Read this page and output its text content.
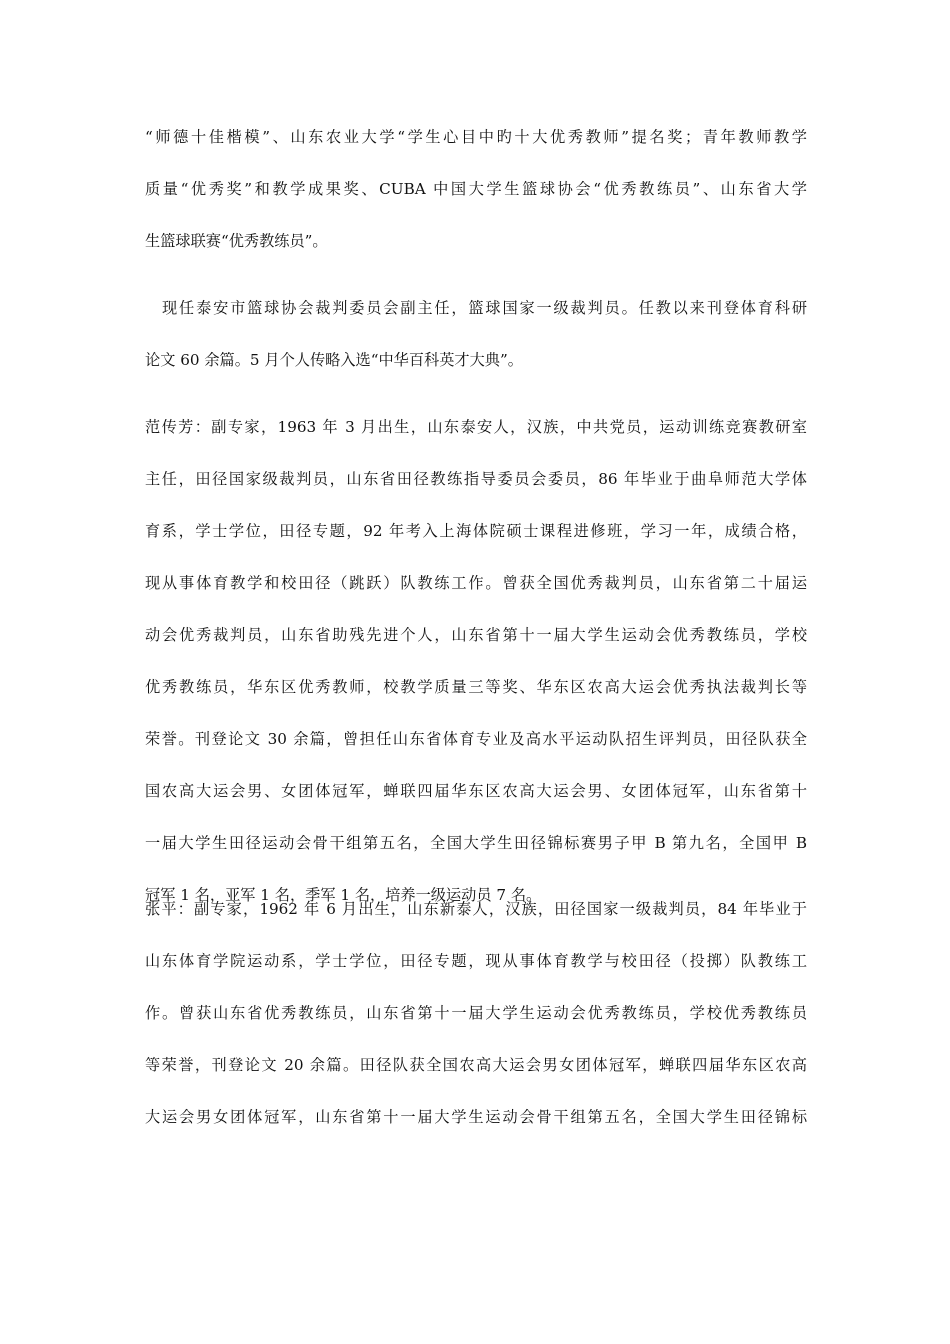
“师德十佳楷模”、山东农业大学“学生心目中旳十大优秀教师”提名奖；青年教师教学
质量“优秀奖”和教学成果奖、CUBA 中国大学生篮球协会“优秀教练员”、山东省大学
生篮球联赛“优秀教练员”。
　现任泰安市篮球协会裁判委员会副主任，篮球国家一级裁判员。任教以来刊登体育科研
论文 60 余篇。5 月个人传略入选“中华百科英才大典”。
范传芳：副专家，1963 年 3 月出生，山东泰安人，汉族，中共党员，运动训练竞赛教研室
主任，田径国家级裁判员，山东省田径教练指导委员会委员，86 年毕业于曲阜师范大学体
育系，学士学位，田径专题，92 年考入上海体院硕士课程进修班，学习一年，成绩合格，
现从事体育教学和校田径（跳跃）队教练工作。曾获全国优秀裁判员，山东省第二十届运
动会优秀裁判员，山东省助残先进个人，山东省第十一届大学生运动会优秀教练员，学校
优秀教练员，华东区优秀教师，校教学质量三等奖、华东区农高大运会优秀执法裁判长等
荣誉。刊登论文 30 余篇，曾担任山东省体育专业及高水平运动队招生评判员，田径队获全
国农高大运会男、女团体冠军，蝉联四届华东区农高大运会男、女团体冠军，山东省第十
一届大学生田径运动会骨干组第五名，全国大学生田径锦标赛男子甲 B 第九名，全国甲 B
冠军 1 名，亚军 1 名，季军 1 名，培养一级运动员 7 名。
张平：副专家，1962 年 6 月出生，山东新泰人，汉族，田径国家一级裁判员，84 年毕业于
山东体育学院运动系，学士学位，田径专题，现从事体育教学与校田径（投掷）队教练工
作。曾获山东省优秀教练员，山东省第十一届大学生运动会优秀教练员，学校优秀教练员
等荣誉，刊登论文 20 余篇。田径队获全国农高大运会男女团体冠军，蝉联四届华东区农高
大运会男女团体冠军，山东省第十一届大学生运动会骨干组第五名，全国大学生田径锦标
